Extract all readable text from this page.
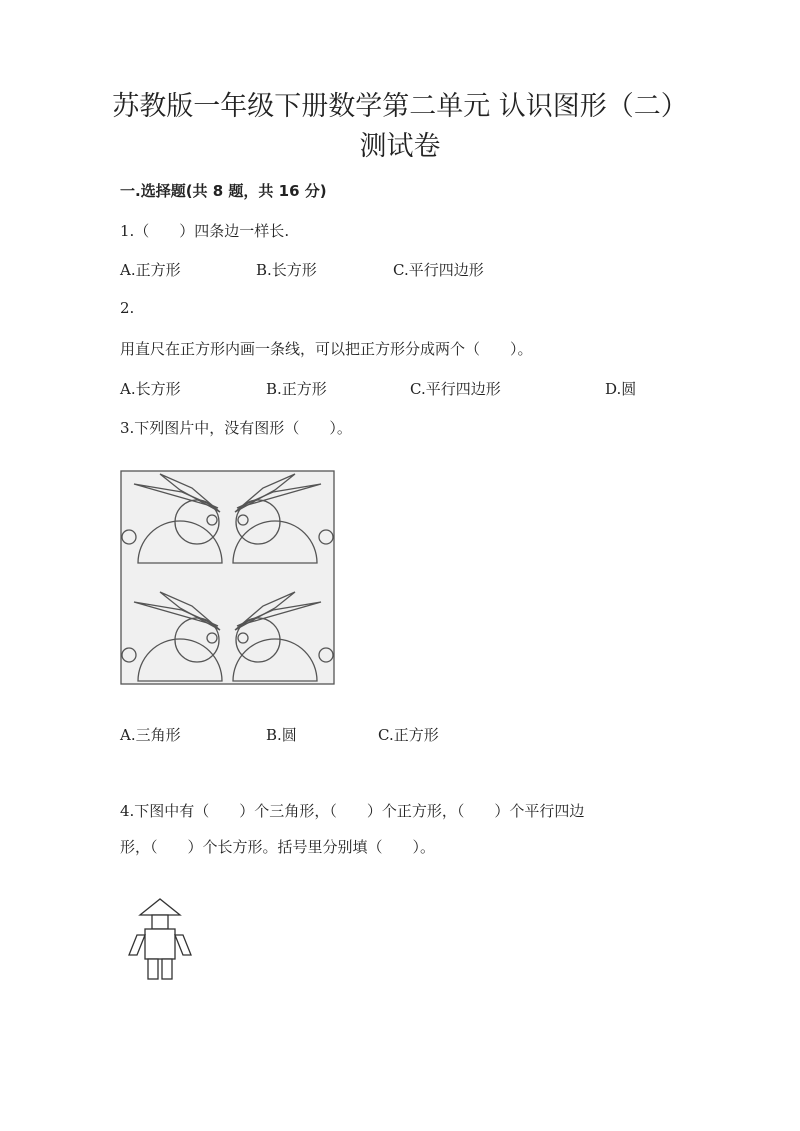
苏教版一年级下册数学第二单元 认识图形（二）
测试卷
一.选择题(共 8 题，共 16 分)
1.（　　）四条边一样长.
A.正方形	B.长方形	C.平行四边形
2.
用直尺在正方形内画一条线，可以把正方形分成两个（　　）。
A.长方形	B.正方形	C.平行四边形	D.圆
3.下列图片中，没有图形（　　）。
A.三角形	B.圆	C.正方形
4.下图中有（　　）个三角形，（　　）个正方形，（　　）个平行四边
形，（　　）个长方形。括号里分别填（　　）。
